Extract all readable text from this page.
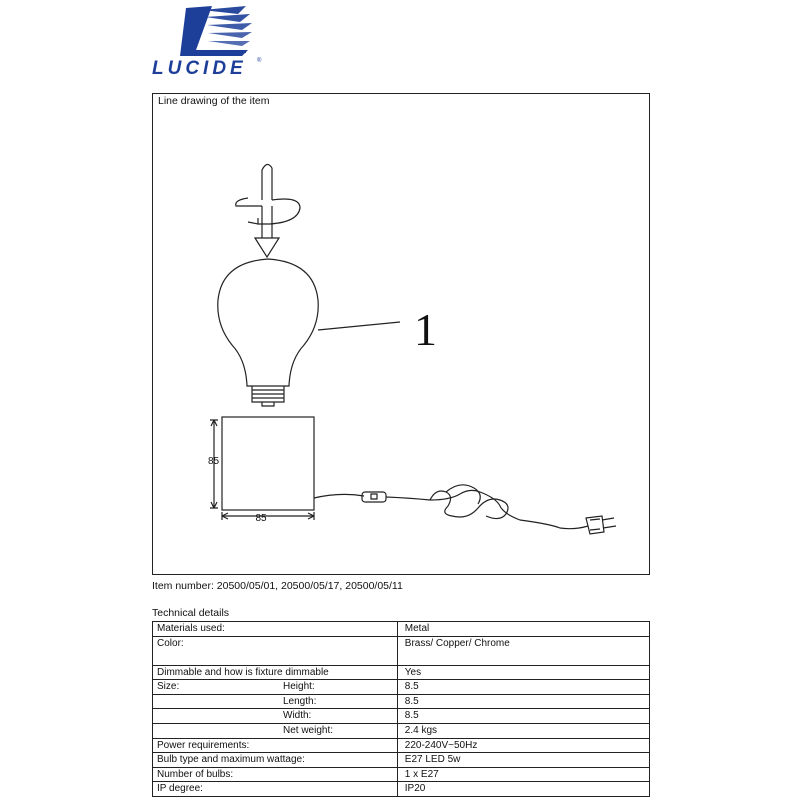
LUCIDE ®
Line drawing of the item
1
85
85
Item number: 20500/05/01, 20500/05/17, 20500/05/11
Technical details
Materials used:	Metal
Color:	Brass/ Copper/ Chrome
Dimmable and how is fixture dimmable	Yes
Size: Height:	8.5
Length:	8.5
Width:	8.5
Net weight:	2.4 kgs
Power requirements:	220-240V~50Hz
Bulb type and maximum wattage:	E27 LED 5w
Number of bulbs:	1 x E27
IP degree:	IP20
